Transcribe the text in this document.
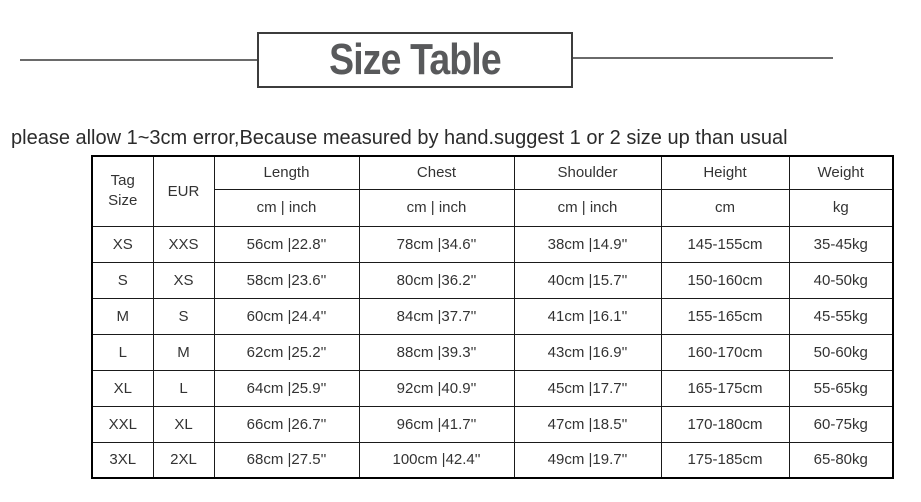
Size Table
please allow 1~3cm error,Because measured by hand.suggest 1 or 2 size up than usual
Tag Size	EUR	Length	Chest	Shoulder	Height	Weight
		cm | inch	cm | inch	cm | inch	cm	kg
XS	XXS	56cm |22.8''	78cm |34.6''	38cm |14.9''	145-155cm	35-45kg
S	XS	58cm |23.6''	80cm |36.2''	40cm |15.7''	150-160cm	40-50kg
M	S	60cm |24.4''	84cm |37.7''	41cm |16.1''	155-165cm	45-55kg
L	M	62cm |25.2''	88cm |39.3''	43cm |16.9''	160-170cm	50-60kg
XL	L	64cm |25.9''	92cm |40.9''	45cm |17.7''	165-175cm	55-65kg
XXL	XL	66cm |26.7''	96cm |41.7''	47cm |18.5''	170-180cm	60-75kg
3XL	2XL	68cm |27.5''	100cm |42.4''	49cm |19.7''	175-185cm	65-80kg
